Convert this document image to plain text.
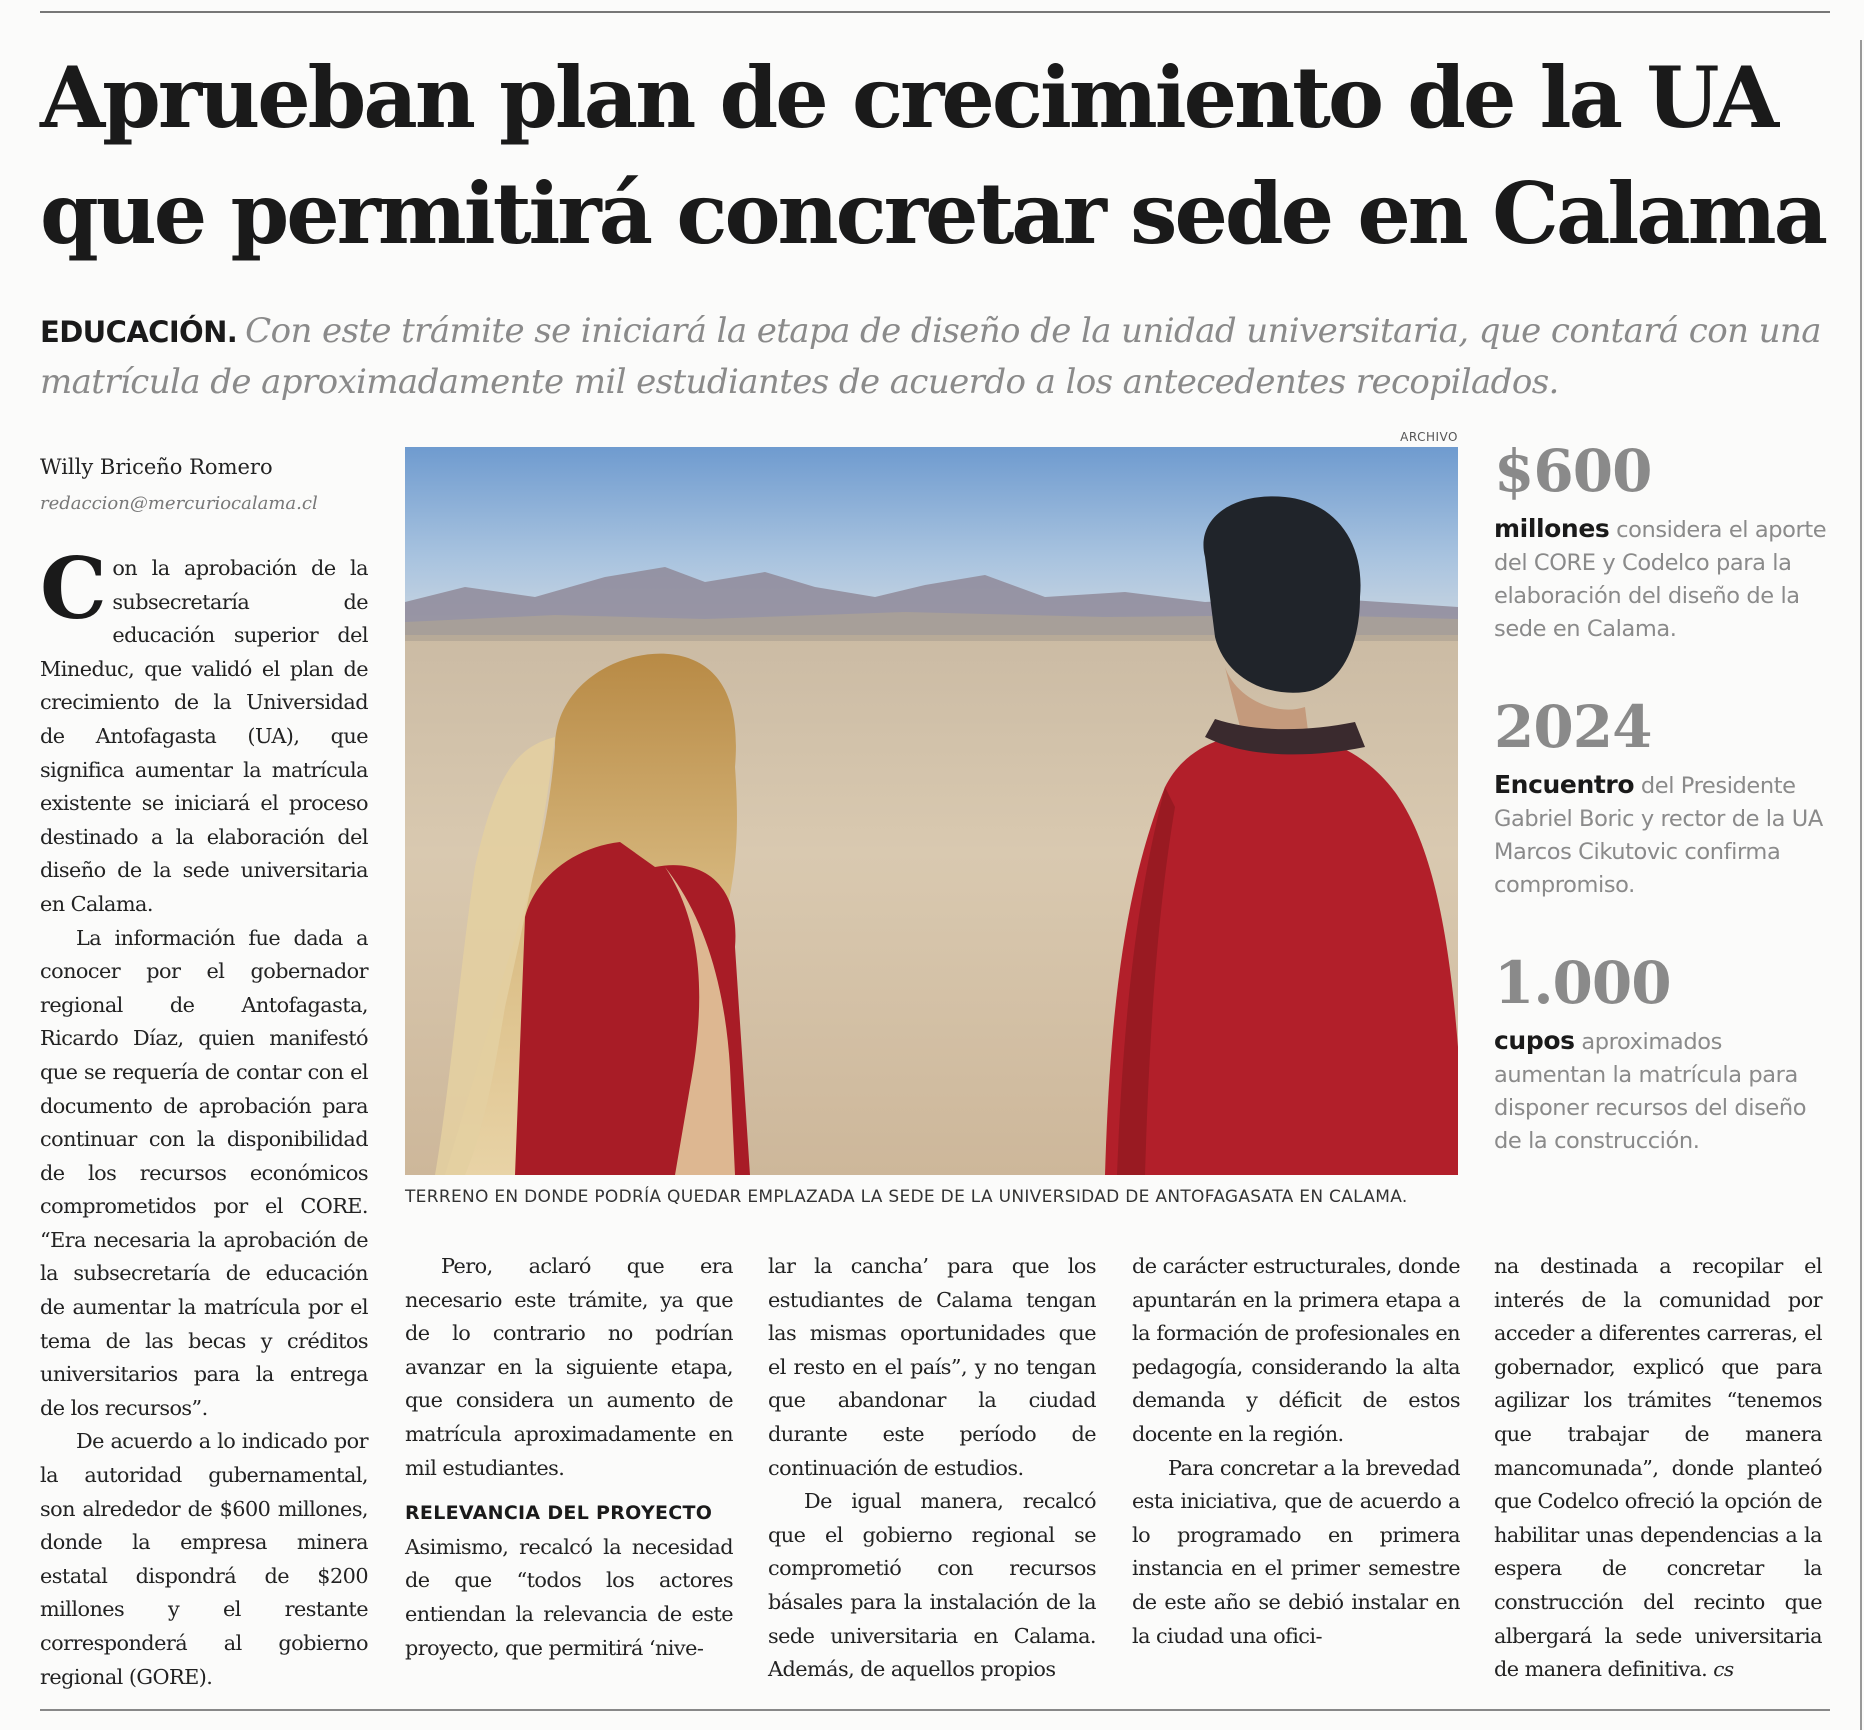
Aprueban plan de crecimiento de la UA
que permitirá concretar sede en Calama

EDUCACIÓN. Con este trámite se iniciará la etapa de diseño de la unidad universitaria, que contará con una matrícula de aproximadamente mil estudiantes de acuerdo a los antecedentes recopilados.

Willy Briceño Romero
redaccion@mercuriocalama.cl

Con la aprobación de la subsecretaría de educación superior del Mineduc, que validó el plan de crecimiento de la Universidad de Antofagasta (UA), que significa aumentar la matrícula existente se iniciará el proceso destinado a la elaboración del diseño de la sede universitaria en Calama.

La información fue dada a conocer por el gobernador regional de Antofagasta, Ricardo Díaz, quien manifestó que se requería de contar con el documento de aprobación para continuar con la disponibilidad de los recursos económicos comprometidos por el CORE. “Era necesaria la aprobación de la subsecretaría de educación de aumentar la matrícula por el tema de las becas y créditos universitarios para la entrega de los recursos”.

De acuerdo a lo indicado por la autoridad gubernamental, son alrededor de $600 millones, donde la empresa minera estatal dispondrá de $200 millones y el restante corresponderá al gobierno regional (GORE).

ARCHIVO
TERRENO EN DONDE PODRÍA QUEDAR EMPLAZADA LA SEDE DE LA UNIVERSIDAD DE ANTOFAGASATA EN CALAMA.
$600
millones considera el aporte del CORE y Codelco para la elaboración del diseño de la sede en Calama.
2024
Encuentro del Presidente Gabriel Boric y rector de la UA Marcos Cikutovic confirma compromiso.
1.000
cupos aproximados aumentan la matrícula para disponer recursos del diseño de la construcción.

Pero, aclaró que era necesario este trámite, ya que de lo contrario no podrían avanzar en la siguiente etapa, que considera un aumento de matrícula aproximadamente en mil estudiantes.

RELEVANCIA DEL PROYECTO

Asimismo, recalcó la necesidad de que “todos los actores entiendan la relevancia de este proyecto, que permitirá ‘nive-

lar la cancha’ para que los estudiantes de Calama tengan las mismas oportunidades que el resto en el país”, y no tengan que abandonar la ciudad durante este período de continuación de estudios.

De igual manera, recalcó que el gobierno regional se comprometió con recursos básales para la instalación de la sede universitaria en Calama. Además, de aquellos propios

de carácter estructurales, donde apuntarán en la primera etapa a la formación de profesionales en pedagogía, considerando la alta demanda y déficit de estos docente en la región.

Para concretar a la brevedad esta iniciativa, que de acuerdo a lo programado en primera instancia en el primer semestre de este año se debió instalar en la ciudad una ofici-

na destinada a recopilar el interés de la comunidad por acceder a diferentes carreras, el gobernador, explicó que para agilizar los trámites “tenemos que trabajar de manera mancomunada”, donde planteó que Codelco ofreció la opción de habilitar unas dependencias a la espera de concretar la construcción del recinto que albergará la sede universitaria de manera definitiva. cs
